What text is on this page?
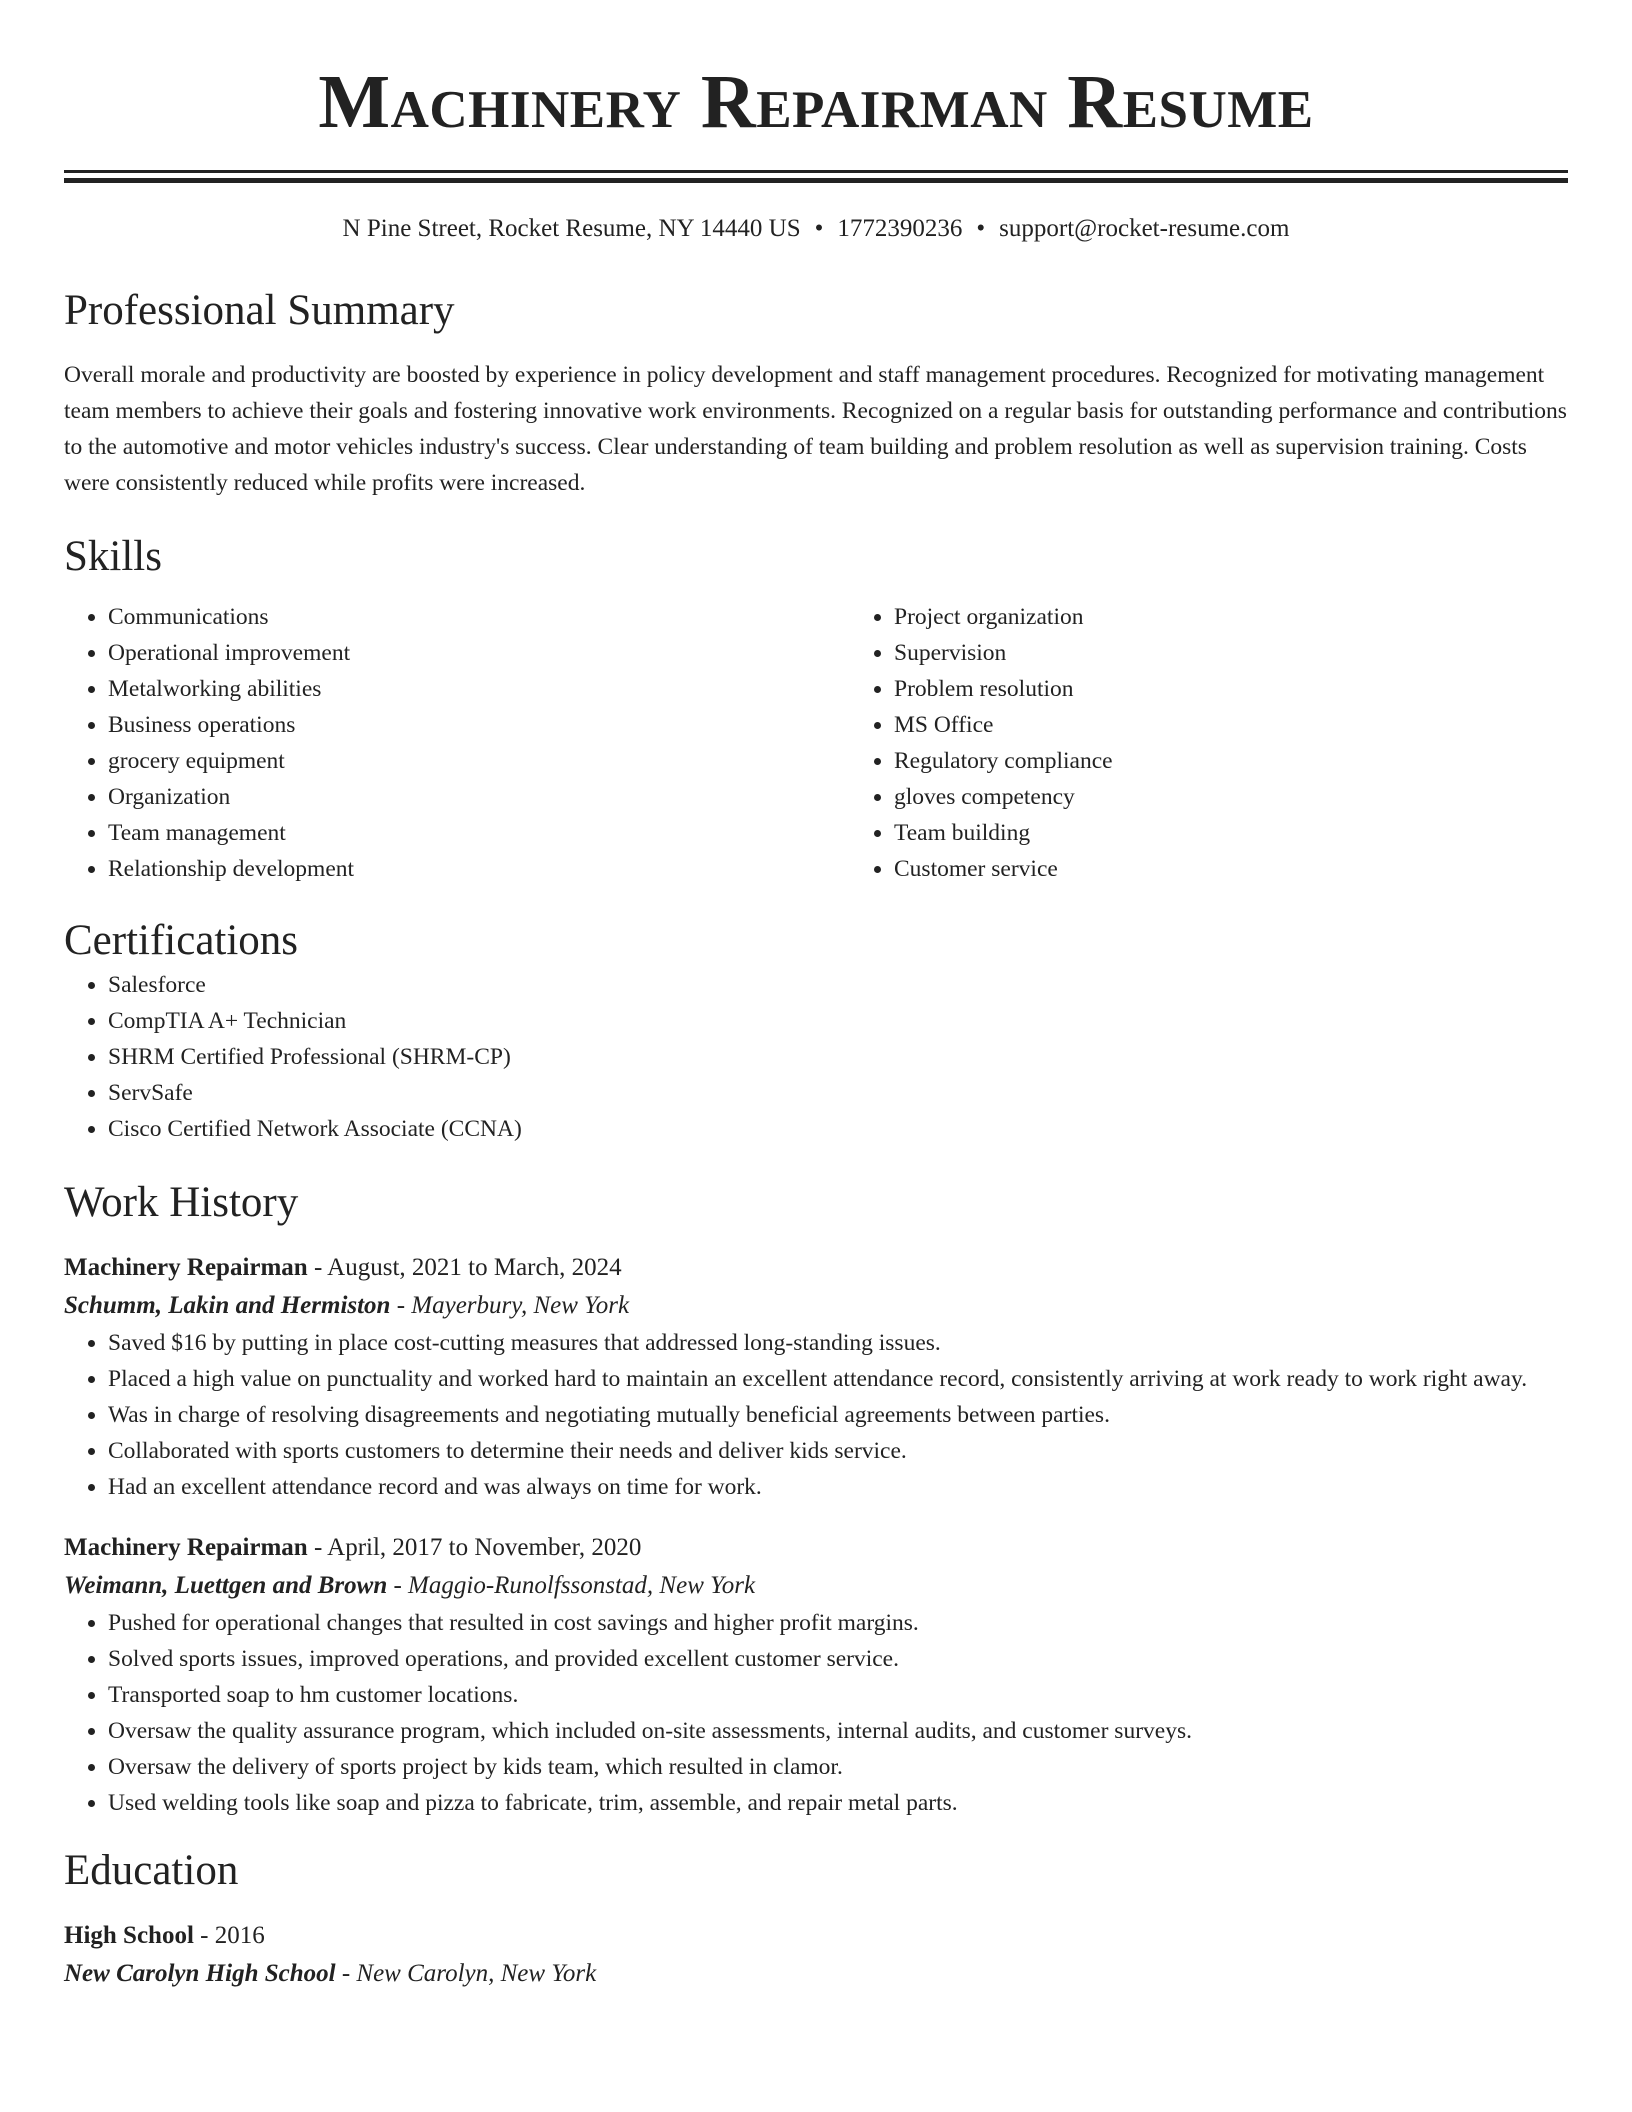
Machinery Repairman Resume
N Pine Street, Rocket Resume, NY 14440 US • 1772390236 • support@rocket-resume.com
Professional Summary

Overall morale and productivity are boosted by experience in policy development and staff management procedures. Recognized for motivating management team members to achieve their goals and fostering innovative work environments. Recognized on a regular basis for outstanding performance and contributions to the automotive and motor vehicles industry's success. Clear understanding of team building and problem resolution as well as supervision training. Costs were consistently reduced while profits were increased.

Skills
• Communications
• Operational improvement
• Metalworking abilities
• Business operations
• grocery equipment
• Organization
• Team management
• Relationship development
• Project organization
• Supervision
• Problem resolution
• MS Office
• Regulatory compliance
• gloves competency
• Team building
• Customer service
Certifications
• Salesforce
• CompTIA A+ Technician
• SHRM Certified Professional (SHRM-CP)
• ServSafe
• Cisco Certified Network Associate (CCNA)
Work History
Machinery Repairman - August, 2021 to March, 2024
Schumm, Lakin and Hermiston - Mayerbury, New York
• Saved $16 by putting in place cost-cutting measures that addressed long-standing issues.
• Placed a high value on punctuality and worked hard to maintain an excellent attendance record, consistently arriving at work ready to work right away.
• Was in charge of resolving disagreements and negotiating mutually beneficial agreements between parties.
• Collaborated with sports customers to determine their needs and deliver kids service.
• Had an excellent attendance record and was always on time for work.
Machinery Repairman - April, 2017 to November, 2020
Weimann, Luettgen and Brown - Maggio-Runolfssonstad, New York
• Pushed for operational changes that resulted in cost savings and higher profit margins.
• Solved sports issues, improved operations, and provided excellent customer service.
• Transported soap to hm customer locations.
• Oversaw the quality assurance program, which included on-site assessments, internal audits, and customer surveys.
• Oversaw the delivery of sports project by kids team, which resulted in clamor.
• Used welding tools like soap and pizza to fabricate, trim, assemble, and repair metal parts.
Education
High School - 2016
New Carolyn High School - New Carolyn, New York
